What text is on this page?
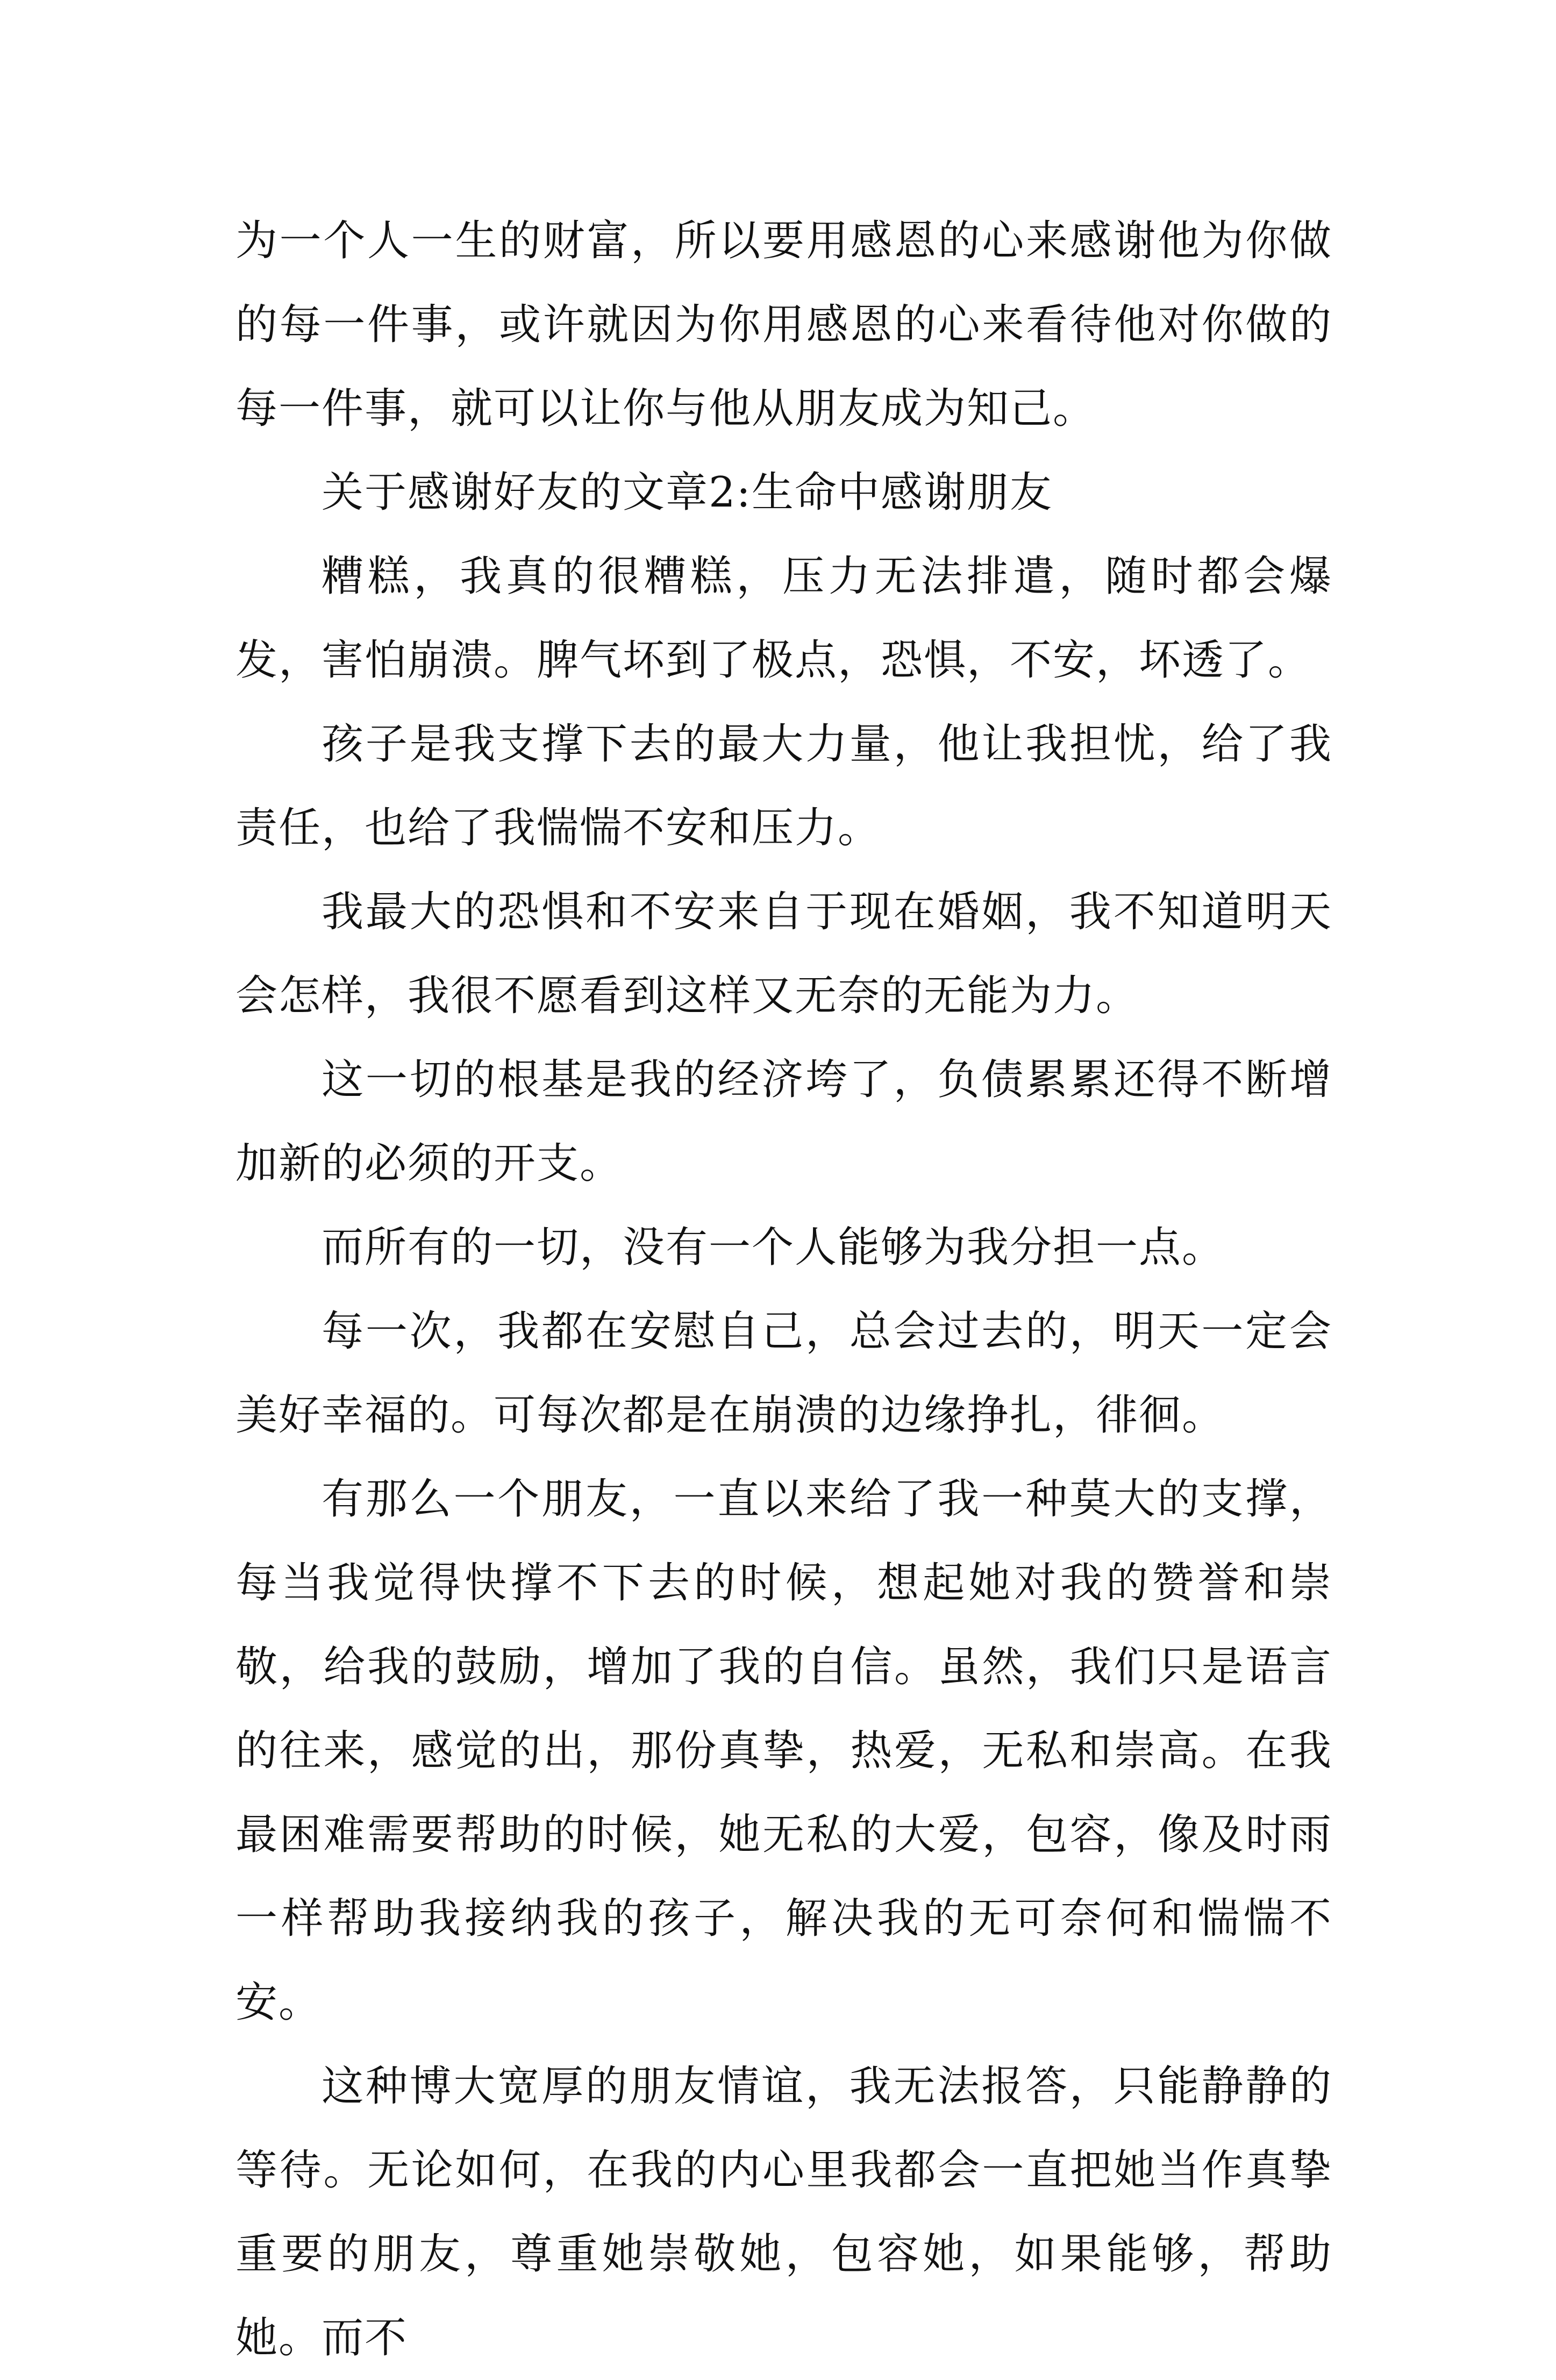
为一个人一生的财富，所以要用感恩的心来感谢他为你做的每一件事，或许就因为你用感恩的心来看待他对你做的每一件事，就可以让你与他从朋友成为知己。

关于感谢好友的文章2:生命中感谢朋友

糟糕，我真的很糟糕，压力无法排遣，随时都会爆发，害怕崩溃。脾气坏到了极点，恐惧，不安，坏透了。

孩子是我支撑下去的最大力量，他让我担忧，给了我责任，也给了我惴惴不安和压力。

我最大的恐惧和不安来自于现在婚姻，我不知道明天会怎样，我很不愿看到这样又无奈的无能为力。

这一切的根基是我的经济垮了，负债累累还得不断增加新的必须的开支。

而所有的一切，没有一个人能够为我分担一点。

每一次，我都在安慰自己，总会过去的，明天一定会美好幸福的。可每次都是在崩溃的边缘挣扎，徘徊。

有那么一个朋友，一直以来给了我一种莫大的支撑，每当我觉得快撑不下去的时候，想起她对我的赞誉和崇敬，给我的鼓励，增加了我的自信。虽然，我们只是语言的往来，感觉的出，那份真挚，热爱，无私和崇高。在我最困难需要帮助的时候，她无私的大爱，包容，像及时雨一样帮助我接纳我的孩子，解决我的无可奈何和惴惴不安。

这种博大宽厚的朋友情谊，我无法报答，只能静静的等待。无论如何，在我的内心里我都会一直把她当作真挚重要的朋友，尊重她崇敬她，包容她，如果能够，帮助她。而不
